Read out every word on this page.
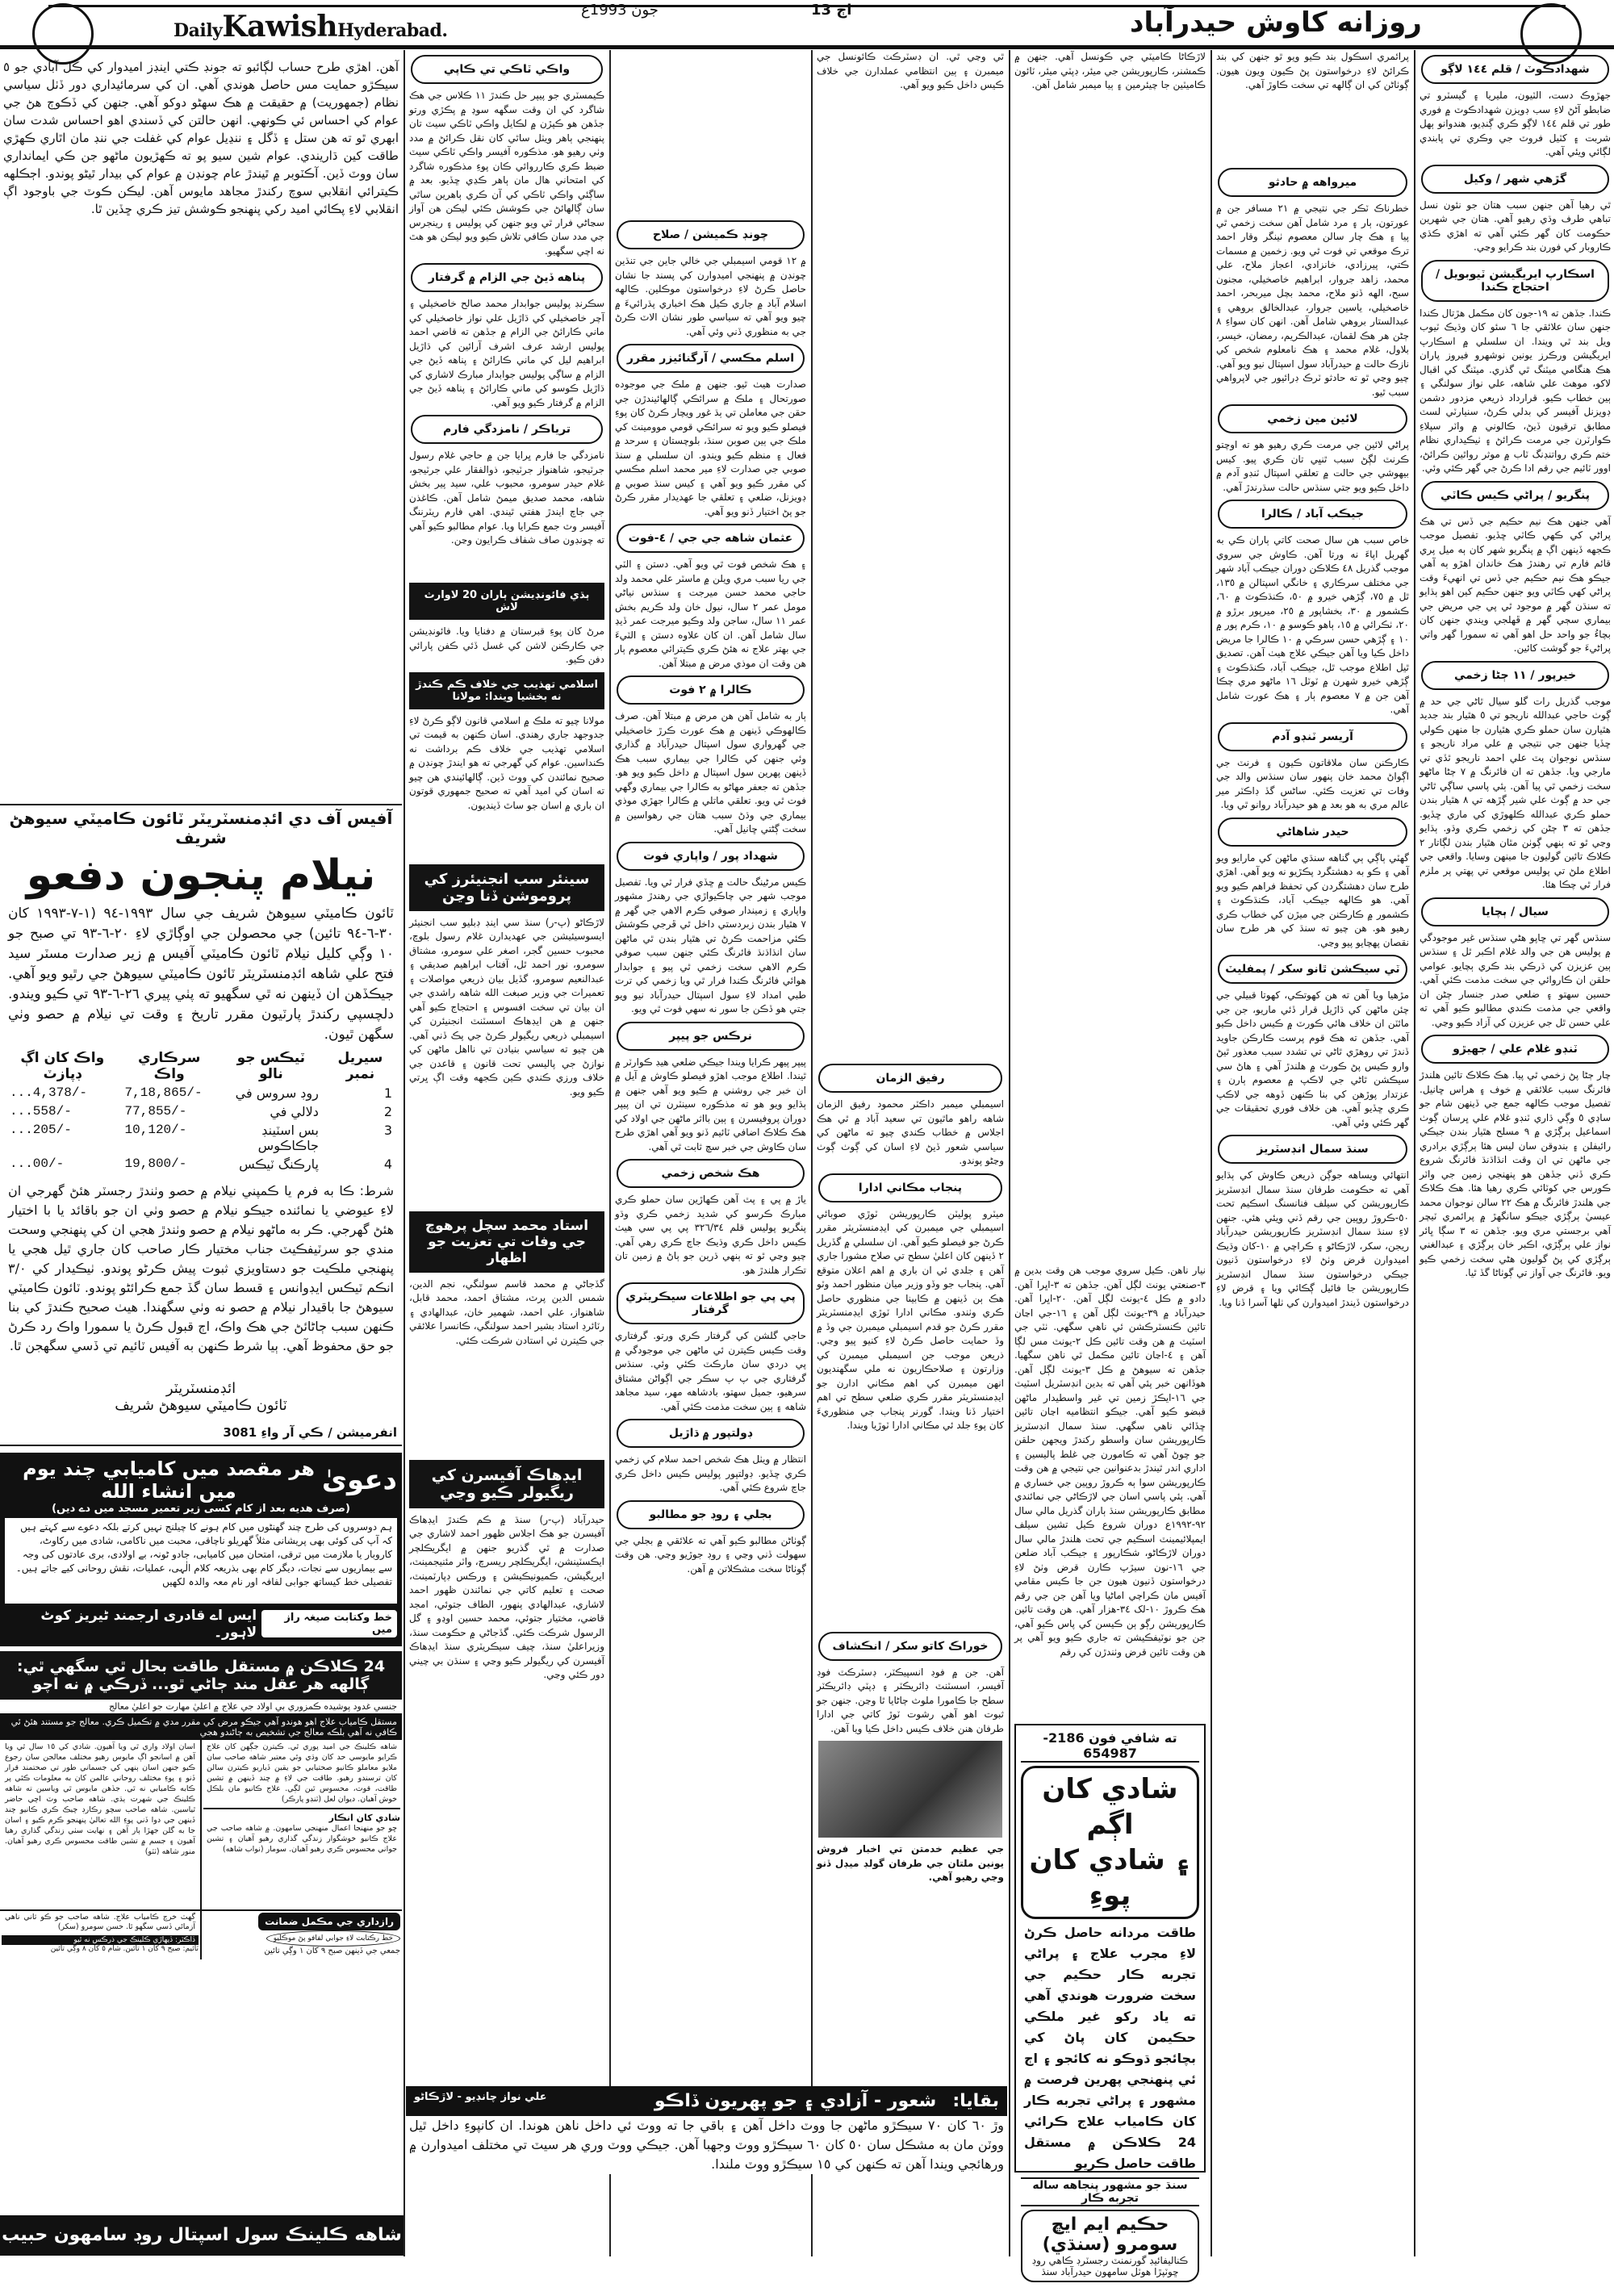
DailyKawishHyderabad.
جون 1993ع	اڄ 13	روزانه کاوش حيدرآباد

آهن. اهڙي طرح حساب لڳائبو ته جونڊ ڪتي اينڊز اميدوار کي ڪل آبادي جو ٥ سيڪڙو حمايت مس حاصل هوندي آهي. ان کي سرمائيداري دور ڏٺل سياسي نظام (جمهوريت) ۾ حقيقت ۾ هڪ سهڻو دوکو آهي. جنهن کي ڏڪوڄ هڻ جي عوام کي احساس ئي ڪونهي. انهن حالتن کي ڏسندي اهو احساس شدت سان ابهري ٿو ته هن ستل ۽ ڏگل ۽ ننڍيل عوام کي غفلت جي ننڊ مان اٿاري ڪهڙي طاقت کين ڌاريندي. عوام شين سيو پو ته ڪهڙيون ماڻهو جن ڪي ايمانداري سان ووٽ ڏين. آڪٽوبر ۾ ٿيندڙ عام چونڊن ۾ عوام کي بيدار ٿيڻو پوندو. اڄڪلهه ڪيترائي انقلابي سوچ رکندڙ مجاهد مايوس آهن. ليڪن ڪوٽ جي باوجود اڳ انقلابي لاءِ پڪائي اميد رکي پنهنجو ڪوشش تيز ڪري ڇڏين ٿا.

آفيس آف دي ائڊمنسٽريٽر ٽائون ڪاميٽي سيوهڻ شريف
نيلام پنجون دفعو

ٽائون ڪاميٽي سيوهڻ شريف جي سال ١٩٩٣-٩٤ (١-٧-١٩٩٣ کان ٣٠-٦-٩٤ تائين) جي محصولن جي اوڳاڙي لاءِ ٢٠-٦-٩٣ تي صبح جو ١٠ وڳي کليل نيلام ٽائون ڪاميٽي آفيس ۾ زير صدارت مسٽر سيد فتح علي شاهه ائڊمنسٽريٽر ٽائون ڪاميٽي سيوهڻ جي رٿيو ويو آهي. جيڪڏهن ان ڏينهن نه ٿي سگهيو ته پٺي پيري ٢٦-٦-٩٣ تي ڪيو ويندو. دلچسپي رکندڙ پارٽيون مقرر تاريخ ۽ وقت تي نيلام ۾ حصو وٺي سگهن ٿيون.

سيريل نمبر	ٽيڪس جو نالو	سرڪاري واڪ	واڪ کان اڳ ڊپازٽ
1	روڊ سروس في	7,18,865/-	...4,378/-
2	دلالي في	77,855/-	...558/-
3	بس اسٽينڊ جاڪاڪوس	10,120/-	...205/-
4	پارڪنگ ٽيڪس	19,800/-	...00/-

شرط: ڪا به فرم يا ڪمپني نيلام ۾ حصو وٺندڙ رجسٽر هئڻ گهرجي ان لاءِ عيوضي يا نمائنده جيڪو نيلام ۾ حصو وٺي ان جو باقائد يا با اختيار هئڻ گهرجي. ڪر به ماڻهو نيلام ۾ حصو وٺندڙ هجي ان کي پنهنجي وسحت مندي جو سرٽيفڪيٽ جناب مختيار ڪار صاحب کان جاري ٿيل هجي يا پنهنجي ملڪيت جو دستاويزي ثبوت پيش ڪرڻو پوندو. ٺيڪيدار کي ٣/٠ انڪم ٽيڪس ايڊوانس ۽ قسط سان گڏ جمع ڪرائڻو پوندو. ٽائون ڪاميٽي سيوهڻ جا باقيدار نيلام ۾ حصو نه وٺي سگهندا. هيٺ صحيح ڪندڙ کي بنا ڪنهن سبب ڄاڻائڻ جي هڪ واڪ، اڄ قبول ڪرڻ يا سمورا واڪ رد ڪرڻ جو حق محفوظ آهي. ٻيا شرط ڪنهن به آفيس ٽائيم تي ڏسي سگهجن ٿا.

ائڊمنسٽريٽر
ٽائون ڪاميٽي سيوهڻ شريف
انفرميشن / ڪي آر واءِ 3081
دعوىٰ
هر مقصد ميں کاميابي چند يوم ميں انشاء الله
(صرف هديه بعد از کام کسی زیر تعمیر مسجد میں دے دیں)
ہم دوسروں کی طرح چند گھنٹوں میں کام ہونے کا چیلنج نہیں کرتے بلکہ دعوے سے کہتے ہیں کہ آپ کی کوئی بھی پریشانی مثلاً گھریلو ناچاقی، محبت میں ناکامی، شادی میں رکاوٹ، کاروبار یا ملازمت میں ترقی، امتحان میں کامیابی، جادو ٹونہ، بے اولادی، بری عادتوں کی وجہ سے بیماریوں سے نجات، دیگر کام بھی بذریعہ کلام الٰہی، عملیات، نقش روحانی کیے جاتے ہیں۔ تفصیلی خط کیساتھ جوابی لفافہ اور نام معہ والدہ لکھیں
خط وکتابت صیغہ راز میں
ایس اے قادری ارجمند ٹیریز کوٹ لاہور۔
24 ڪلاڪن ۾ مستقل طاقت بحال ٿي سگهي ٿي: ڳالهه هر عقل مند ڄاڻي ٿو... ڏرڪي ۾ نه اچو
جنسي غدود پوشيده ڪمزوري بي اولاد جي علاج ۾ اعليٰ مهارت جو اعليٰ معالج
مستقل ڪامياب علاج اهو هوندو آهي جيڪو مرض کي مقرر مدي ۾ تڪميل ڪري. معالج جو مستند هئڻ ئي ڪافي نه آهي بلڪه معالج جي تشخيص به ڄاڻندو هجي

شاهه ڪلينڪ جي اميد پوري ٿي. ڪيترن جڳهن کان علاج ڪرايو مايوسي حد کان وڌي وئي معتبر شاهه صاحب سان ملايو معاملو ڪانيو صحتيابي جو يقين ڏياريو ڪيترن سالن کان ترسندو رهيو. طاقت جي لاءِ ۾ چند ڏينهن ۾ تشين طاقت، قوت، محسوس ٿين لڳي. علاج ڪانيو مان بلڪل خوش آهيان. ديوان لعل (ٽنڊو پارڪر)

شادي کان انڪار

ڇو جو منهنجا اعمال منهنجي سامهون. ۾ شاهه صاحب جي علاج ڪانيو خوشگوار زندگي گذاري رهيو آهيان ۽ تشين جواني محسوس ڪري رهيو آهيان. سومار (نواب شاهه)

اسان اولاد واري ٿي ويا آهيون. شادي کي ١٥ سال ٿي ويا آهن ۾ اسانجو اڳ مايوس رهيو مختلف معالجن سان رجوع ڪيو جنهن اسان ٻنهي کي جسماني طور تي صحتمند قرار ڏنو ۽ پوءِ مختلف روحاني عالمن کان به معلومات ڪئي پر ڪابه ڪاميابي نه ٿي. جڏهن مايوس ٿي وياسين ته شاهه ڪلينڪ جي شهرت ٻڌي. شاهه صاحب وٽ اچي حاضر ٿياسين. شاهه صاحب سچو رڪارڊ چيڪ ڪري ڪانيو چند ڏينهن جي دوا ڏني پوءِ الله تعاليٰ پنهنجو ڪرم ڪيو ۽ اسان جا به گلن جهڙا ٻار آهن ۽ نهايت سٺي زندگي گذاري رهيا آهيون ۽ جسم ۾ تشين طاقت محسوس ڪري رهيو آهيان. منور شاهه (ٺٽو)

رازداري جي مڪمل ضمانت خط رڪتابت لاءِ جوابي لفافو پڻ موڪليو
جمعي جي ڏينهن صبح ٩ کان ١ وڳي تائين

گهٽ خرچ ڪامياب علاج. شاهه صاحب جو ڪو ثاني ناهي آزمائي ڏسي سگهو ٿا. حسن سومرو (سکر)

ڏاڪٽر: ڏيهاڙي ڪلينڪ جي ذرڪس نه ٿيو
ٽائيم: صبح ٩ کان ١ تائين. شام ٥ کان ٨ وڳي تائين
شاهه ڪلينڪ سول اسپتال روڊ سامهون حبيب بئنڪ حيدرآباد فون: 619874
واڪي ٽاڪي تي ڪاپي

ڪيمسٽري جو پيپر حل ڪندڙ ١١ ڪلاس جي هڪ شاگرد کي ان وقت سگهه سوڍ ۾ پڪڙي ورتو جڏهن هو ڪپڙن ۾ لڪايل واڪي ٽاڪي سيٽ تان پنهنجي ٻاهر ويٺل ساٿي کان نقل ڪرائڻ ۾ مدد وٺي رهيو هو. مذڪوره آفيسر واڪي ٽاڪي سيٽ ضبط ڪري ڪارروائي ڪان پوءِ مذڪوره شاگرد کي امتحاني هال مان ٻاهر ڪڍي ڇڏيو. بعد ۾ ساڳئي واڪي ٽاڪي کي آن ڪري ٻاهرين ساٿي سان ڳالهائڻ جي ڪوشش ڪئي ليڪن هن آواز سڃاڻي فرار ٿي ويو جنهن کي پوليس ۽ رينجرس جي مدد سان ڪافي تلاش ڪيو ويو ليڪن هو هٿ نه اچي سگهيو.

پناهه ڏيڻ جي الزام ۾ گرفتار

سڪرنڊ پوليس جوابدار محمد صالح خاصخيلي ۽ آچر خاصخيلي کي ڌاڙيل علي نواز خاصخيلي کي ماني ڪارائڻ جي الزام ۾ جڏهن ته قاضي احمد پوليس ارشد عرف اشرف آرائين کي ڌاڙيل ابراهيم ليل کي ماني ڪارائڻ ۽ پناهه ڏيڻ جي الزام ۾ ساڳي پوليس جوابدار مبارڪ لاشاري کي ڌاڙيل ڪوسو کي ماني ڪارائڻ ۽ پناهه ڏيڻ جي الزام ۾ گرفتار ڪيو ويو آهي.

ترياڪر / نامزدگي فارم

نامزدگي جا فارم ڀرايا جن ۾ حاجي غلام رسول جرٽيجو، شاهنواز جرٽيجو، ذوالفقار علي جرٽيجو، غلام حيدر سومرو، محبوب علي، سيد پير بخش شاهه، محمد صديق ميمڻ شامل آهن. ڪاغذن جي جاچ ايندڙ هفتي ٿيندي. اهي فارم ريٽرننگ آفيسر وٽ جمع ڪرايا ويا. عوام مطالبو ڪيو آهي ته چونڊون صاف شفاف ڪرايون وڃن.

ٻڌي فائونڊيشن ٻاران 20 لاوارث لاش

مرڻ کان پوءِ قبرستان ۾ دفنايا ويا. فائونڊيشن جي ڪارڪنن لاشن کي غسل ڏئي ڪفن پارائي دفن ڪيو.

اسلامي تهذيب جي خلاف ڪم ڪندڙ نه بخشيا ويندا: مولانا

مولانا چيو ته ملڪ ۾ اسلامي قانون لاڳو ڪرڻ لاءِ جدوجهد جاري رهندي. اسان ڪنهن به قيمت تي اسلامي تهذيب جي خلاف ڪم برداشت نه ڪنداسين. عوام کي گهرجي ته هو ايندڙ چونڊن ۾ صحيح نمائندن کي ووٽ ڏين. ڳالهائيندي هن چيو ته اسان کي اميد آهي ته صحيح جمهوري قوتون ان باري ۾ اسان جو ساٿ ڏينديون.

سينئر سب انجنيئرز کي پروموشن ڏنا وڃن

لاڙڪاڻو (پ-ر) سنڌ سي اينڊ ڊبليو سب انجنيئر ايسوسيئيشن جي عهديدارن غلام رسول بلوچ، محبوب حسين گجر، اصغر علي سومرو، مشتاق سومرو، نور احمد ٿل، آفتاب ابراهيم صديقي ۽ عبدالنعيم سومرو، گڏيل بيان ذريعي مواصلات ۽ تعميرات جي وزير صبغت الله شاهه راشدي جي ان بيان تي سخت افسوس ۽ احتجاج ڪيو آهي جنهن ۾ هن ايڊهاڪ اسسٽنٽ انجنيئرن کي اسيمبلي ذريعي ريگيولر ڪرڻ جي پڪ ڏني آهي. هن چيو ته سياسي بنيادن تي نااهل ماڻهن کي نوازڻ جي پاليسي تحت قانون ۽ قاعدن جي خلاف ورزي ڪندي ڪين ڪجهه وقت اڳ ڀرتي ڪيو ويو.

استاد محمد سچل پرهوچ جي وفات تي تعزيت جو اظهار

گڏجاڻي ۾ محمد قاسم سولنگي، نجم الدين، شمس الدين پرٽ، مشتاق احمد، محمد قابل، شاهنواز، علي احمد، شهمير خان، عبدالهادي ۽ رٽائرڊ استاد بشير احمد سولنگي، ڪانسرا علائقي جي ڪيترن ئي استادن شرڪت ڪئي.

ايڊهاڪ آفيسرن کي ريگيولر ڪيو وڃي

حيدرآباد (پ-ر) سنڌ ۾ ڪم ڪندڙ ايڊهاڪ آفيسرن جو هڪ اجلاس ظهور احمد لاشاري جي صدارت ۾ ٿي گذريو جنهن ۾ ايگريڪلچر ايڪسٽينشن، ايگريڪلچر ريسرچ، واٽر مئنيجمينٽ، ايريگيشن، ڪميونيڪيشن ۽ ورڪس ڊپارٽمينٽ، صحت ۽ تعليم کاتي جي نمائندن ظهور احمد لاشاري، عبدالهادي پنهور، الطاف جتوئي، امجد قاضي، مختيار جتوئي، محمد حسين اوڍو ۽ گل الرسول شرڪت ڪئي. گڏجاڻي ۾ حڪومت سنڌ، وزيراعليٰ سنڌ، چيف سيڪريٽري سنڌ ايڊهاڪ آفيسرن کي ريگيولر ڪيو وڃي ۽ سنڌن بي چيني دور ڪئي وڃي.

چونڊ ڪميشن / صلاح

۾ ١٢ قومي اسيمبلي جي خالي جاين جي تنڌين چونڊن ۾ پنهنجي اميدوارن کي پسند جا نشان حاصل ڪرڻ لاءِ درخواستون موڪلين. ڪالهه اسلام آباد ۾ جاري ڪيل هڪ اخباري پڌرائيءَ ۾ چيو ويو آهي ته سياسي طور نشان الاٽ ڪرڻ جي به منظوري ڏني وئي آهي.

اسلم مڪسي / آرگنائيزر مقرر

صدارت هيٺ ٿيو. جنهن ۾ ملڪ جي موجوده صورتحال ۽ ملڪ ۾ سرائڪي ڳالهائيندڙن جي حقن جي معاملن تي ٻڌ غور ويچار ڪرڻ کان پوءِ فيصلو ڪيو ويو ته سرائڪي قومي موومينٽ کي ملڪ جي ٻين صوبن سنڌ، بلوچستان ۽ سرحد ۾ فعال ۽ منظم ڪيو ويندو. ان سلسلي ۾ سنڌ صوبي جي صدارت لاءِ مير محمد اسلم مڪسي کي مقرر ڪيو ويو آهي ۽ کيس سنڌ صوبي ۾ ڊويزنل، ضلعي ۽ تعلقي جا عهديدار مقرر ڪرڻ جو پڻ اختيار ڏنو ويو آهي.

عثمان شاهه جي جي / ٤-فوت

۽ هڪ شخص فوت ٿي ويو آهي. دستن ۽ الٽي جي ريا سبب مري ويلن ۾ ماسٽر علي محمد ولد حاجي محمد حسن ميرجت ۽ سنڌس نياڻي مومل عمر ٢ سال، نيول خان ولد ڪريم بخش عمر ١١ سال، ساجن ولد وڪيو ميرجت عمر ڏيڍ سال شامل آهن. ان کان علاوه دستن ۽ الٽيءَ جي بهتر علاج نه هئڻ ڪري ڪيترائي معصوم ٻار هن وقت ان موذي مرض ۾ مبتلا آهن.

ڪالرا ۾ ٢ فوت

ٻار به شامل آهن هن مرض ۾ مبتلا آهن. صرف ڪالهوڪي ڏينهن ۾ هڪ عورت ڪرڙ خاصخيلي جي گهرواري سول اسپتال حيدرآباد ۾ گذاري وئي جنهن کي ڪالرا جي بيماري سبب هڪ ڏينهن پهرين سول اسپتال ۾ داخل ڪيو ويو هو. جڏهن ته جعفر مهاڻو به ڪالرا جي بيماري وگهي فوت ٿي ويو. تعلقي ماتلي ۾ ڪالرا جهڙي موذي بيماري جي وڌڻ سبب هتان جي رهواسين ۾ سخت ڳڻتي ڇانيل آهي.

شهداد پور / واپاري فوت

ڪيس مرڻينگ حالت ۾ ڇڏي فرار ٿي ويا. تفصيل موجب شهر جي چاڪيواڙي جي رهندڙ مشهور واپاري ۽ زميندار صوفي ڪرم الاهي جي گهر ۾ ٧ هٿيار بندن زبردستي داخل ٿي ڦرجي ڪوشش ڪئي مزاحمت ڪرڻ تي هٿيار بندن ٿي ماڻهن سان انڌاڌنڌ فائرنگ ڪئي جنهن سبب صوفي ڪرم الاهي سخت زخمي ٿي پيو ۽ جوابدار هوائي فائرنگ ڪندا فرار ٿي ويا زخمي کي ترت طبي امداد لاءِ سول اسپتال حيدرآباد نيو ويو جتي هو ڏڪن جا سور نه سهي فوت ٿي ويو.

نرڪس جو پيپر

پيپر پيهر ڪرايا ويندا جيڪي ضلعي هيڊ ڪوارٽر ۾ ٿيندا. اطلاع موجب اهڙو فيصلو ڪاوش ۾ آيل ۾ ان خبر جي روشني ۾ ڪيو ويو آهي جنهن ۾ ٻڌايو ويو هو ته مذڪوره سينٽرن تي ان پيپر دوران پروفيسرن ۽ ٻين بااثر ماڻهن جي اولاد کي هڪ ڪلاڪ اضافي ٽائيم ڏنو ويو آهي اهڙي طرح سان ڪاوش جي خبر سچ ثابت ٿي آهي.

هڪ شخص زخمي

ياڙ ۾ پي ۽ پٽ آهن ڪهاڙين سان حملو ڪري مبارڪ ڪرسو کي شديد زخمي ڪري وڌو پنگريو پوليس قلم ٣٢٦/٣٤ پي پي سي هيٺ ڪيس داخل ڪري وڌيڪ جاچ ڪري رهي آهي. چيو وڃي ٿو ته ٻنهي ڌرين جو ٻاڻ ۾ زمين تان تڪرار هلندڙ هو.

پي پي جو اطلاعات سيڪريٽري گرفتار

حاجي گلشن کي گرفتار ڪري ورتو. گرفتاري وقت ڪيس ڪيترن ئي ماڻهن جي موجودگي ۾ پي دردي سان مارڪٽ ڪئي وئي. سنڌس گرفتاري جي پ پ سڪر جي اڳواڻن مشتاق سرهيو، جميل سهتو، بادشاهه مهر، سيد مجاهد شاهه ۽ ٻين سخت مذمت ڪئي آهي.

ڊولتپور ۾ ڌاڙيل

انتظار ۾ ويٺل هڪ شخص احمد سلام کي زخمي ڪري ڇڏيو. ڊولتپور پوليس ڪيس داخل ڪري جاچ شروع ڪئي آهي.

بجلي ۽ روڊ جو مطالبو

ڳوٺاڻن مطالبو ڪيو آهي ته علائقي ۾ بجلي جي سهولت ڏني وڃي ۽ روڊ جوڙيو وڃي. هن وقت ڳوٺاڻا سخت مشڪلاتن ۾ آهن.

ٿي وڃي ٿي. ان ڊسٽرڪٽ ڪائونسل جي ميمبرن ۽ ٻين انتظامي عملدارن جي خلاف ڪيس داخل ڪيو ويو آهي.

رفيق الزمان

اسيمبلي ميمبر داڪٽر محمود رفيق الزمان شاهه راهو ماٿيون تي سعيد آباد ۾ ٿي هڪ اجلاس ۾ خطاب ڪندي چيو ته ماڻهن کي سياسي شعور ڏيڻ لاءِ اسان کي ڳوٺ ڳوٺ وڃڻو پوندو.

پنجاب مڪاني ادارا

ميٽرو پوليٽن ڪارپوريشن ٽوڙي صوبائي اسيمبلي جي ميمبرن کي ايڊمنسٽريٽر مقرر ڪرڻ جو فيصلو ڪيو آهي. ان سلسلي ۾ گڏريل ٢ ڏينهن کان اعليٰ سطح تي صلاح مشورا جاري آهن ۽ جلدي ئي ان باري ۾ اهم اعلان متوقع آهي. پنجاب جو وڏو وزير ميان منظور احمد وٽو هڪ ٻن ڏينهن ۾ ڪابينا جي منظوري حاصل ڪري وٺندو. مڪاني ادارا ٽوڙي ايڊمنسٽريٽر مقرر ڪرڻ جو قدم اسيمبلي ميمبرن جي وڏ ۾ وڏ حمايت حاصل ڪرڻ لاءِ کنيو پيو وڃي. ذريعن موجب جن اسيمبلي ميمبرن کي وزارتون ۽ صلاحڪاريون نه ملي سگهنديون انهن ميمبرن کي اهم مڪاني ادارن جو ايڊمنسٽريٽر مقرر ڪري ضلعي سطح تي اهم اختيار ڏنا ويندا. گورنر پنجاب جي منظوريءَ کان پوءِ جلد ئي مڪاني ادارا ٽوڙيا ويندا.

خوراڪ کاتو سکر / انڪشاف

آهن. جن ۾ فوڊ انسپيڪٽر، ڊسٽرڪٽ فوڊ آفيسر، اسسٽنٽ ڊائريڪٽر ۽ ڊپٽي ڊائريڪٽر سطح جا ڪامورا ملوث ڄاڻايا ٿا وڃن. جنهن جو ثبوت اهو آهي رشوت ٽوڙ کاتي جي ادارا طرفان هنن خلاف ڪيس داخل ڪيا ويا آهن.

جي عظيم خدمتن تي اخبار فروش يونين ملتان جي طرفان گولڊ ميڊل ڏنو وڃي رهيو آهي.

بقايا:
شعور - آزادي ۽ جو پهريون ڏاڪو
علي نواز چانڊيو - لاڙڪاڻو

وڙ ٦٠ کان ٧٠ سيڪڙو ماڻهن جا ووٽ داخل آهن ۽ باقي جا ته ووٽ ئي داخل ناهن هوندا. ان کانپوءِ داخل ٿيل ووٽن مان به مشڪل سان ٥٠ کان ٦٠ سيڪڙو ووٽ وجهبا آهن. جيڪي ووٽ وري هر سيٽ تي مختلف اميدوارن ۾ ورهائجي ويندا آهن ته ڪنهن کي ١٥ سيڪڙو ووٽ ملندا.

لاڙڪاڻا ڪاميٽي جي ڪونسل آهي. جنهن ۾ ڪمشنر، ڪارپوريشن جي ميئر، ڊپٽي ميئر، ٽائون ڪاميٽين جا چيئرمين ۽ ٻيا ميمبر شامل آهن.

نيار ناهن. ڪيل سروي موجب هن وقت بدين ۾ ٣-صنعتي يونٽ لڳل آهن. جڏهن ته ٣-اڀرا آهن. دادو ۾ ڪل ٤-يونٽ لڳل آهن. ٢٠-اڀرا آهن. حيدرآباد ۾ ٣٩-يونٽ لڳل آهن ۽ ١٦-جي اڃان تائين ڪنسٽرڪشن ئي ناهي سگهي. ٺٽي جي اسٽيٽ ۾ هن وقت تائين ڪل ٢-يونٽ مس لڳا آهن ۽ ٤-اڃان تائين مڪمل ٿي ناهن سگهيا. جڏهن ته سيوهڻ ۾ ڪل ٣-يونٽ لڳل آهن. هوڏانهن خبر پئي آهي ته بدين انڊسٽريل اسٽيٽ جي ١٦-ايڪڙ زمين تي غير واسطيدار ماڻهن قبضو ڪيو آهي. جيڪو انتظاميه اڃان تائين ڇڏائي ناهي سگهي. سنڌ سمال انڊسٽريز ڪارپوريشن سان واسطو رکندڙ ويجهن حلقن جو چوڻ آهي ته ڪامورن جي غلط پاليسين ۽ اداري اندر ٿيندڙ بدعنوانين جي نتيجي ۾ هن وقت ڪارپوريشن سوا ٻه ڪروڙ روپين جي خساري ۾ آهي. ٻئي پاسي اسان جي لاڙڪاڻي جي نمائندي مطابق ڪارپوريشن سنڌ ٻاران گذريل مالي سال ٩٢-١٩٩٢ع دوران شروع ڪيل تشين سيلف ايمپلائيمينٽ اسڪيم جي تحت هلندڙ مالي سال دوران لاڙڪاڻو، شڪارپور ۽ جيڪب آباد ضلعن جي ١٦-نون سيڙپ ڪارن قرض وٺڻ لاءِ درخواستون ڏنيون هيون جن جا ڪيس مقامي آفيس مان ڪراچي اماڻيا ويا آهن جن جي رقم هڪ ڪروڙ ١٠-لک ٣٤-هزار آهي. هن وقت تائين ڪارپوريشن رڳو ٻن ڪيسن کي پاس ڪيو آهي، جن جو نوٽيفڪيشن ته جاري ڪيو ويو آهي پر هن وقت تائين قرض وٺندڙن کي رقم

ته شافي فون 2186-654987
شادي کان اڳم
۽ شادي کان پوءِ

طاقت مردانه حاصل ڪرڻ لاءِ مجرب علاج ۽ پراڻي تجربه ڪار حڪيم جي سخت ضرورت هوندي آهي ته ياد رکو غير ملڪي حڪيمن کان پاڻ کي بچائجو ڌوڪو نه کائجو ۽ اڄ ئي پنهنجي پهرين فرصت ۾ مشهور ۽ پراڻي تجربه ڪار کان ڪامياب علاج ڪرائي 24 ڪلاڪن ۾ مستقل طاقت حاصل ڪريو

سنڌ جو مشهور پنجاهه ساله تجربه ڪار
حڪيم ايم ايڇ سومرو (سنڌي)
ڪناليفائيڊ گورنمنٽ رجسٽرڊ ڪاهي روڊ
ڇوٽپڙا هوٽل سامهون حيدرآباد سنڌ

پرائمري اسڪول بند ڪيو ويو ٿو جنهن کي بند ڪرائڻ لاءِ درخواستون پڻ ڪيون ويون هيون. ڳوٺاڻن کي ان ڳالهه تي سخت ڪاوڙ آهي.

ميرواهه ۾ حادثو

خطرناڪ ٽڪر جي نتيجي ۾ ٢١ مسافر جن ۾ عورتون، ٻار ۽ مرد شامل آهن سخت زخمي ٿي پيا ۽ هڪ چار سالن معصوم ٺينگر وقار احمد ترڪ موقعي تي فوت ٿي ويو. زخمين ۾ مسمات ڪتي، پيرزادي، خانزادي، اعجاز ملاح، علي محمد، زاهد جروار، ابراهيم خاصخيلي، مجنون سبح، الهه ڏنو ملاح، محمد بچل ميربحر، احمد خاصخيلي، ياسين جروار، عبدالخالق بروهي ۽ عبدالستار بروهي شامل آهن. انهن کان سواءِ ٨ ڄڻن هر هڪ لقمان، عبدالڪريم، رمضان، خيسر، بلاول، غلام محمد ۽ هڪ نامعلوم شخص کي نازڪ حالت ۾ حيدرآباد سول اسپتال نيو ويو آهي. چيو وڃي ٿو ته حادثو ٽرڪ ڊرائيور جي لاپرواهي سبب ٿيو.

لائين مين زخمي

پراڻي لائين جي مرمت ڪري رهيو هو ته اوچتو ڪرنٽ لڳڻ سبب ٿنڀي تان ڪري پيو. کيس بيهوشي جي حالت ۾ تعلقي اسپتال ٽنڊو آدم ۾ داخل ڪيو ويو جتي سنڌس حالت سڌرندڙ آهي.

جيڪب آباد / ڪالرا

خاص سبب هن سال صحت کاتي ٻاران ڪي به گهربل اپاءَ نه ورتا آهن. ڪاوش جي سروي موجب گذريل ٤٨ ڪلاڪن دوران جيڪب آباد شهر جي مختلف سرڪاري ۽ خانگي اسپتالن ۾ ١٣٥، ٿل ۾ ٧٥، ڳڙهي خيرو ۾ ٥٠، ڪنڌڪوٽ ۾ ٦٠، ڪشمور ۾ ٣٠، بخشاپور ۾ ٢٥، ميرپور برڙو ۾ ٢٠، ٺڪرائي ۾ ١٥، ٻاهو ڪوسو ۾ ١٠، ڪرم پور ۾ ١٠ ۽ ڳڙهي حسن سرڪي ۾ ١٠ ڪالرا جا مريض داخل ڪيا ويا آهن جيڪي علاج هيٺ آهن. تصديق ٿيل اطلاع موجب ٿل، جيڪب آباد، ڪنڌڪوٽ ۽ ڳڙهي خيرو شهرن ۾ ٽوٽل ١٦ ماڻهو مري چڪا آهن جن ۾ ٧ معصوم ٻار ۽ هڪ عورت شامل آهي.

آريسر ٽنڊو آدم

ڪارڪنن سان ملاقاتون ڪيون ۽ فرنٽ جي اڳواڻ محمد خان پنهور سان سنڌس والد جي وفات تي تعزيت ڪئي. ساڻس گڏ ڊاڪٽر مير عالم مري به هو بعد ۾ هو حيدرآباد روانو ٿي ويا.

حيدر شاهاڻي

گهٽي ٻاڳي ٻي گناهه سنڌي ماڻهن کي مارايو ويو آهي ۽ ڪو به دهشتگرد پڪڙيو نه ويو آهي. اهڙي طرح سان دهشتگردن کي تحفظ فراهم ڪيو ويو آهي. هو ڪالهه جيڪب آباد، ڪنڌڪوٽ ۽ ڪشمور ۾ ڪارڪنن جي ميڙن کي خطاب ڪري رهيو هو. هن چيو ته سنڌ کي هر طرح سان نقصان پهچايو پيو وڃي.

ٽي سيڪشن ٿانو سکر / پمفليٽ

مڙهيا ويا آهن ته هن کهوتڪي، کهوتا قبيلي جي چئن ماڻهن کي ڌاڙيل قرار ڏئي ماريو، جن جي مائٽن ان خلاف هائي ڪورٽ ۾ ڪيس داخل ڪيو آهي. جڏهن ته هڪ قوم پرست ڪارڪن جاويد ڏندڙ تي روهڙي ٿاڻي تي تشدد سبب معذور ٿيڻ وارو ڪيس پڻ ڪورٽ ۾ هلندڙ آهي ۽ هاڻ سي سيڪشن ٿاڻي جي لاڪپ ۾ معصوم ٻارن ۽ عزتدار پوڙهن کي بنا ڪنهن ڏوهه جي لاڪپ ڪري ڇڏيو آهي. هن خلاف فوري تحقيقات جي گهر ڪئي وئي آهي.

سنڌ سمال انڊسٽريز

انتهائي ويساهه جوڳن ذريعن ڪاوش کي ٻڌايو آهي ته حڪومت طرفان سنڌ سمال انڊسٽريز ڪارپوريشن کي سيلف فنانسنگ اسڪيم تحت ٥٠-ڪروڙ روپين جي رقم ڏني ويئي هئي. جنهن لاءِ سنڌ سمال انڊسٽريز ڪارپوريشن حيدرآباد ريجن، سکر، لاڙڪاڻو ۽ ڪراچي ۾ ١٠-کان وڌيڪ اميدوارن قرض وٺڻ لاءِ درخواستون ڏنيون جيڪي درخواستون سنڌ سمال انڊسٽريز ڪارپوريشن جا فائيل ڳڪائي ويا ۽ قرض لاءِ درخواستون ڏيندڙ اميدوارن کي ٺلها آسرا ڏنا ويا.

شهدادڪوٽ / قلم ١٤٤ لاڳو

جهڙوڪ دست، الٽيون، مليريا ۽ گيسٽرو تي ضابطو آڻڻ لاءِ سب ڊويزن شهدادڪوٽ ۾ فوري طور تي قلم ١٤٤ لاڳو ڪري ڳنڊيو، هندوانو ٻهل شربت ۽ کٽيل فروٽ جي وڪري تي پابندي لڳائي ويئي آهي.

گڙهي شهر / وکيل

ٿي رهيا آهن جنهن سبب هتان جو نئون نسل تباهي طرف وڌي رهيو آهي. هتان جي شهرين حڪومت کان گهر ڪئي آهي ته اهڙي ڪڌي ڪاروبار کي فورن بند ڪرايو وڃي.

اسڪارپ ايريگيشن ٽيوبويل / احتجاج ڪندا

ڪندا. جڏهن ته ١٩-جون کان مڪمل هڙتال ڪندا جنهن سان علائقي جا ٦ سئو کان وڌيڪ ٽيوب ويل بند ٿي ويندا. ان سلسلي ۾ اسڪارپ ايريگيشن ورڪرز يونين نوشهرو فيروز پاران هڪ هنگامي ميٽنگ ٿي گذري. ميٽنگ کي اقبال لاکو، موهٽ علي شاهه، علي نواز سولنگي ۽ ٻين خطاب ڪيو. قرارداد ذريعي مزدور دشمن ڊويزنل آفيسر کي بدلي ڪرڻ، سنيارٽي لسٽ مطابق ترقيون ڏيڻ، ڪالوني ۾ واٽر سپلاءِ ڪوارٽرن جي مرمت ڪرائڻ ۽ ٺيڪيداري نظام ختم ڪري رواتنڊنگ ٽاب ۾ موثر رواٿين ڪرائڻ، اوور ٽائيم جي رقم ادا ڪرڻ جي گهر ڪئي وئي.

پنگريو / پراڻي ڪيس ڪاٽي

آهي جنهن هڪ نيم حڪيم جي ڏس تي هڪ پراڻي کي ڪهي ڪاٽي ڇڏيو. تفصيل موجب ڪجهه ڏينهن اڳ ۾ پنگريو شهر کان ٻه ميل پري قائم فارم تي رهندڙ هڪ خاندان اهڙو ٻه آهي جيڪو هڪ نيم حڪيم جي ڏس تي انهيءَ وقت پراڻي کهي ڪاٽي ويو جنهن حڪيم کين اهو ٻڌايو ته سنڌن گهر ۾ موجود ٿي پي جي مريض جي بيماري سڄي گهر ۾ ڦهلجي ويندي جنهن کان بچاءُ جو واحد حل اهو آهي ته سمورا گهر واتي پراڻيءَ جو گوشت کائين.

خيرپور / ١١ ڄڻا زخمي

موجب گذريل رات گلو سيال ٿاڻي جي حد ۾ ڳوٺ حاجي عبدالله ناريجو تي ٥ هٿيار بند جديد هٿيارن سان حملو ڪري هٿيارن جا منهن ڪولي ڇڏيا جنهن جي نتيجي ۾ علي مراد ناريجو ۽ سنڌس نوجوان پٽ علي احمد ناريجو ٿڏي تي مارجي ويا. جڏهن ته ان فائرنگ ۾ ٧ ڄڻا ماڻهو سخت زخمي ٿي پيا آهن. ٻئي پاسي ساڳي ٿاڻي جي حد ۾ ڳوٺ علي شير ڳڙهه تي ٨ هٿيار بندن حملو ڪري عبدالله ڪلهوڙي کي ماري ڇڏيو. جڏهن ته ٣ ڄڻن کي زخمي ڪري وڌو. ٻڌايو وڃي ٿو ته ٻنهي ڳوٺن مٿان هٿيار بندن لڳاتار ٢ ڪلاڪ تائين گوليون جا مينهن وسايا. واقعي جي اطلاع ملڻ تي پوليس موقعي تي پهتي پر ملزم فرار ٿي چڪا هئا.

سيال / ٻچايا

سنڌس گهر تي ڇاپو هڻي سنڌس غير موجودگي ۾ پوليس هن جي والد غلام اڪبر ٿل ۽ سنڌس ٻين عزيزن کي ڌرڪي بند ڪري ٻچايو. عوامي حلقن ان ڪاروائي جي سخت مذمت ڪئي آهي. حسين سهتو ۽ ضلعي صدر جنسار ڄڻن ان واقعي جي مذمت ڪندي مطالبو ڪيو آهي ته علي حسن ٿل جي عزيزن کي آزاد ڪيو وڃي.

ٽنڊو غلام علي / جهيڙو

چار ڄڻا پڻ زخمي ٿي پيا. هڪ ڪلاڪ تائين هلندڙ فائرنگ سبب علائقي ۾ خوف ۽ هراس ڇانيل. تفصيل موجب ڪالهه جمع جي ڏينهن شام جو ساڍي ٥ وڳي ڌاري ٽنڊو غلام علي ڀرسان ڳوٺ اسماعيل ٻرڳڙي ۾ ٩ مسلح هٿيار بندن جيڪي رائيفلن ۽ بندوقن سان ليس هئا ٻرڳڙي برادري جي ماڻهن تي ان وقت انڌاڌنڌ فائرنگ شروع ڪري ڏني جڏهن هو پنهنجي زمين جي واٽر ڪورس جي کوٽائي ڪري رهيا هئا. هڪ ڪلاڪ جي هلندڙ فائرنگ ۾ هڪ ٢٢ سالن نوجوان محمد عيسيٰ ٻرڳڙي جيڪو سانگهڙ ۾ پرائمري ٽيچر آهي برجستي مري ويو. جڏهن ته ٣ سڳا ڀائر نواز علي ٻرڳڙي، اڪبر خان ٻرڳڙي ۽ عبدالغني ٻرڳڙي کي پڻ گوليون هڻي سخت زخمي ڪيو ويو. فائرنگ جي آواز تي ڳوٺاڻا گڏ ٿيا.
